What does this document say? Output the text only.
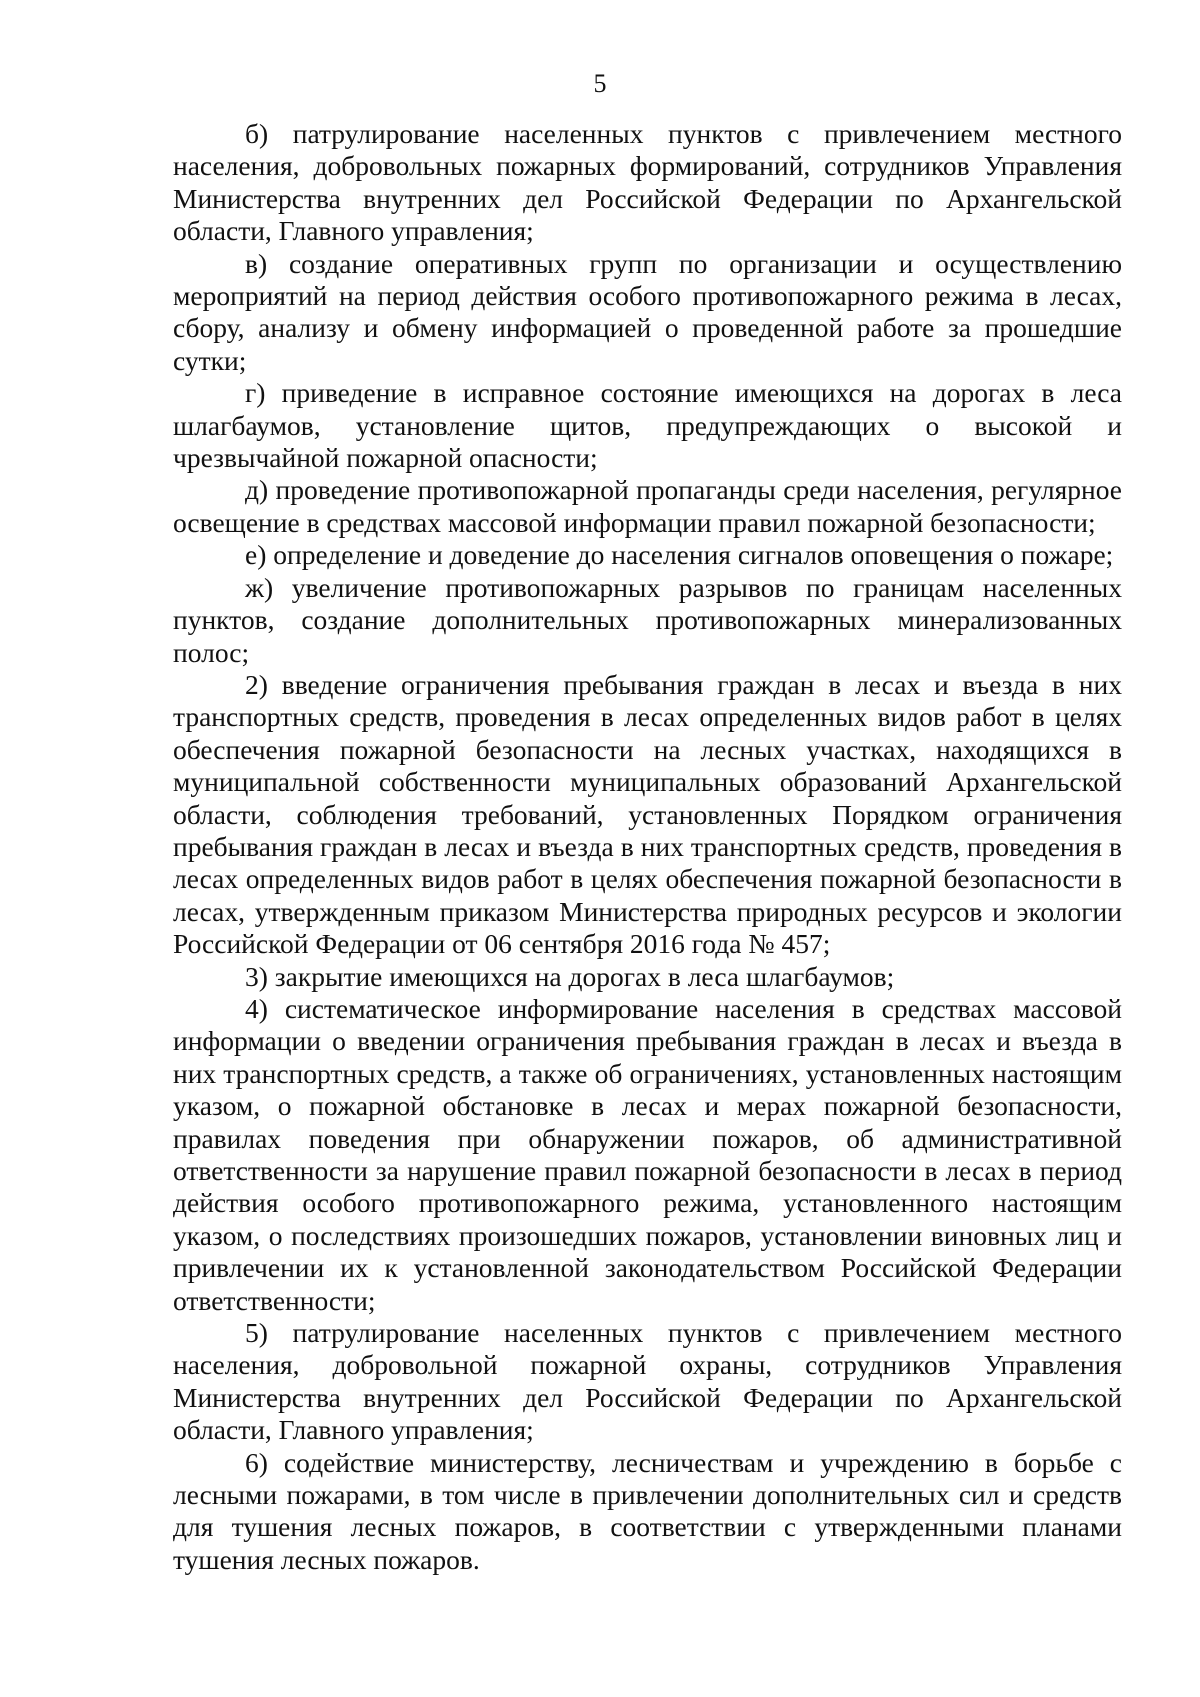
5

б) патрулирование населенных пунктов с привлечением местного населения, добровольных пожарных формирований, сотрудников Управления Министерства внутренних дел Российской Федерации по Архангельской области, Главного управления;

в) создание оперативных групп по организации и осуществлению мероприятий на период действия особого противопожарного режима в лесах, сбору, анализу и обмену информацией о проведенной работе за прошедшие сутки;

г) приведение в исправное состояние имеющихся на дорогах в леса шлагбаумов, установление щитов, предупреждающих о высокой и чрезвычайной пожарной опасности;

д) проведение противопожарной пропаганды среди населения, регулярное освещение в средствах массовой информации правил пожарной безопасности;

е) определение и доведение до населения сигналов оповещения о пожаре;

ж) увеличение противопожарных разрывов по границам населенных пунктов, создание дополнительных противопожарных минерализованных полос;

2) введение ограничения пребывания граждан в лесах и въезда в них транспортных средств, проведения в лесах определенных видов работ в целях обеспечения пожарной безопасности на лесных участках, находящихся в муниципальной собственности муниципальных образований Архангельской области, соблюдения требований, установленных Порядком ограничения пребывания граждан в лесах и въезда в них транспортных средств, проведения в лесах определенных видов работ в целях обеспечения пожарной безопасности в лесах, утвержденным приказом Министерства природных ресурсов и экологии Российской Федерации от 06 сентября 2016 года № 457;

3) закрытие имеющихся на дорогах в леса шлагбаумов;

4) систематическое информирование населения в средствах массовой информации о введении ограничения пребывания граждан в лесах и въезда в них транспортных средств, а также об ограничениях, установленных настоящим указом, о пожарной обстановке в лесах и мерах пожарной безопасности, правилах поведения при обнаружении пожаров, об административной ответственности за нарушение правил пожарной безопасности в лесах в период действия особого противопожарного режима, установленного настоящим указом, о последствиях произошедших пожаров, установлении виновных лиц и привлечении их к установленной законодательством Российской Федерации ответственности;

5) патрулирование населенных пунктов с привлечением местного населения, добровольной пожарной охраны, сотрудников Управления Министерства внутренних дел Российской Федерации по Архангельской области, Главного управления;

6) содействие министерству, лесничествам и учреждению в борьбе с лесными пожарами, в том числе в привлечении дополнительных сил и средств для тушения лесных пожаров, в соответствии с утвержденными планами тушения лесных пожаров.
